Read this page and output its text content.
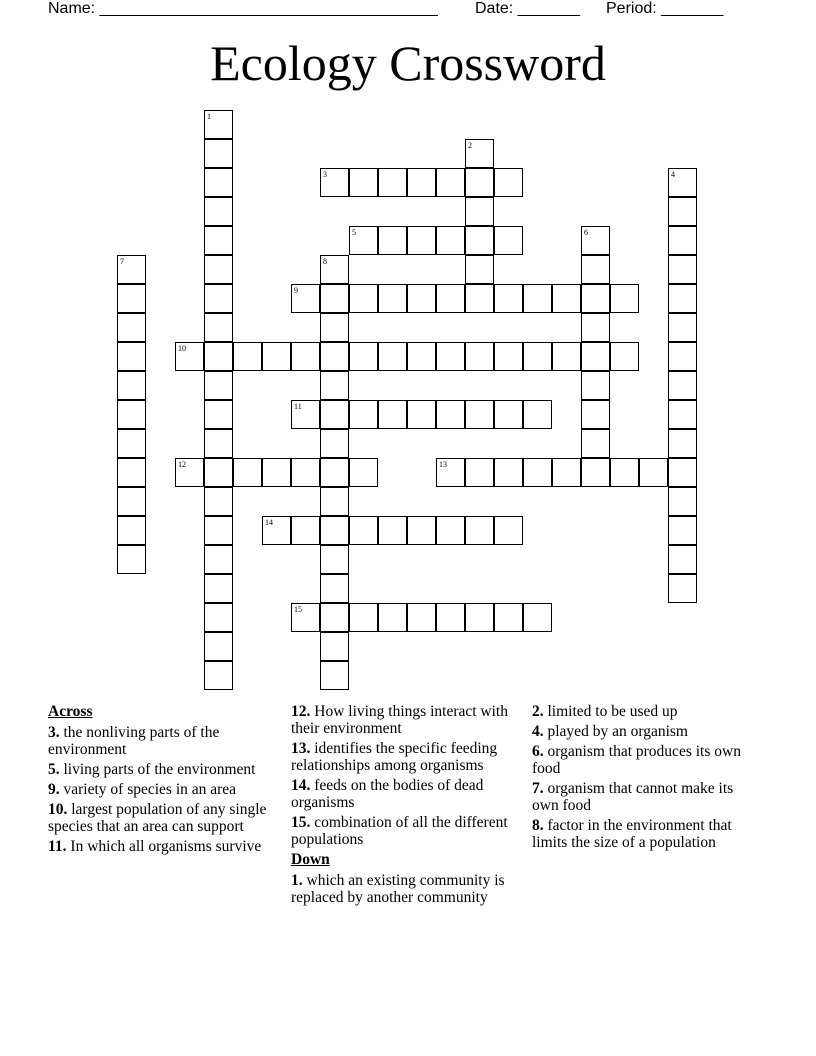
Name: ______________________________________ Date: _______ Period: _______
Ecology Crossword
1
2
3	4
5	6
7	8
9
10
11
12	13
14
15
Across
3. the nonliving parts of the environment
5. living parts of the environment
9. variety of species in an area
10. largest population of any single species that an area can support
11. In which all organisms survive
12. How living things interact with their environment
13. identifies the specific feeding relationships among organisms
14. feeds on the bodies of dead organisms
15. combination of all the different populations
Down
1. which an existing community is replaced by another community
2. limited to be used up
4. played by an organism
6. organism that produces its own food
7. organism that cannot make its own food
8. factor in the environment that limits the size of a population
